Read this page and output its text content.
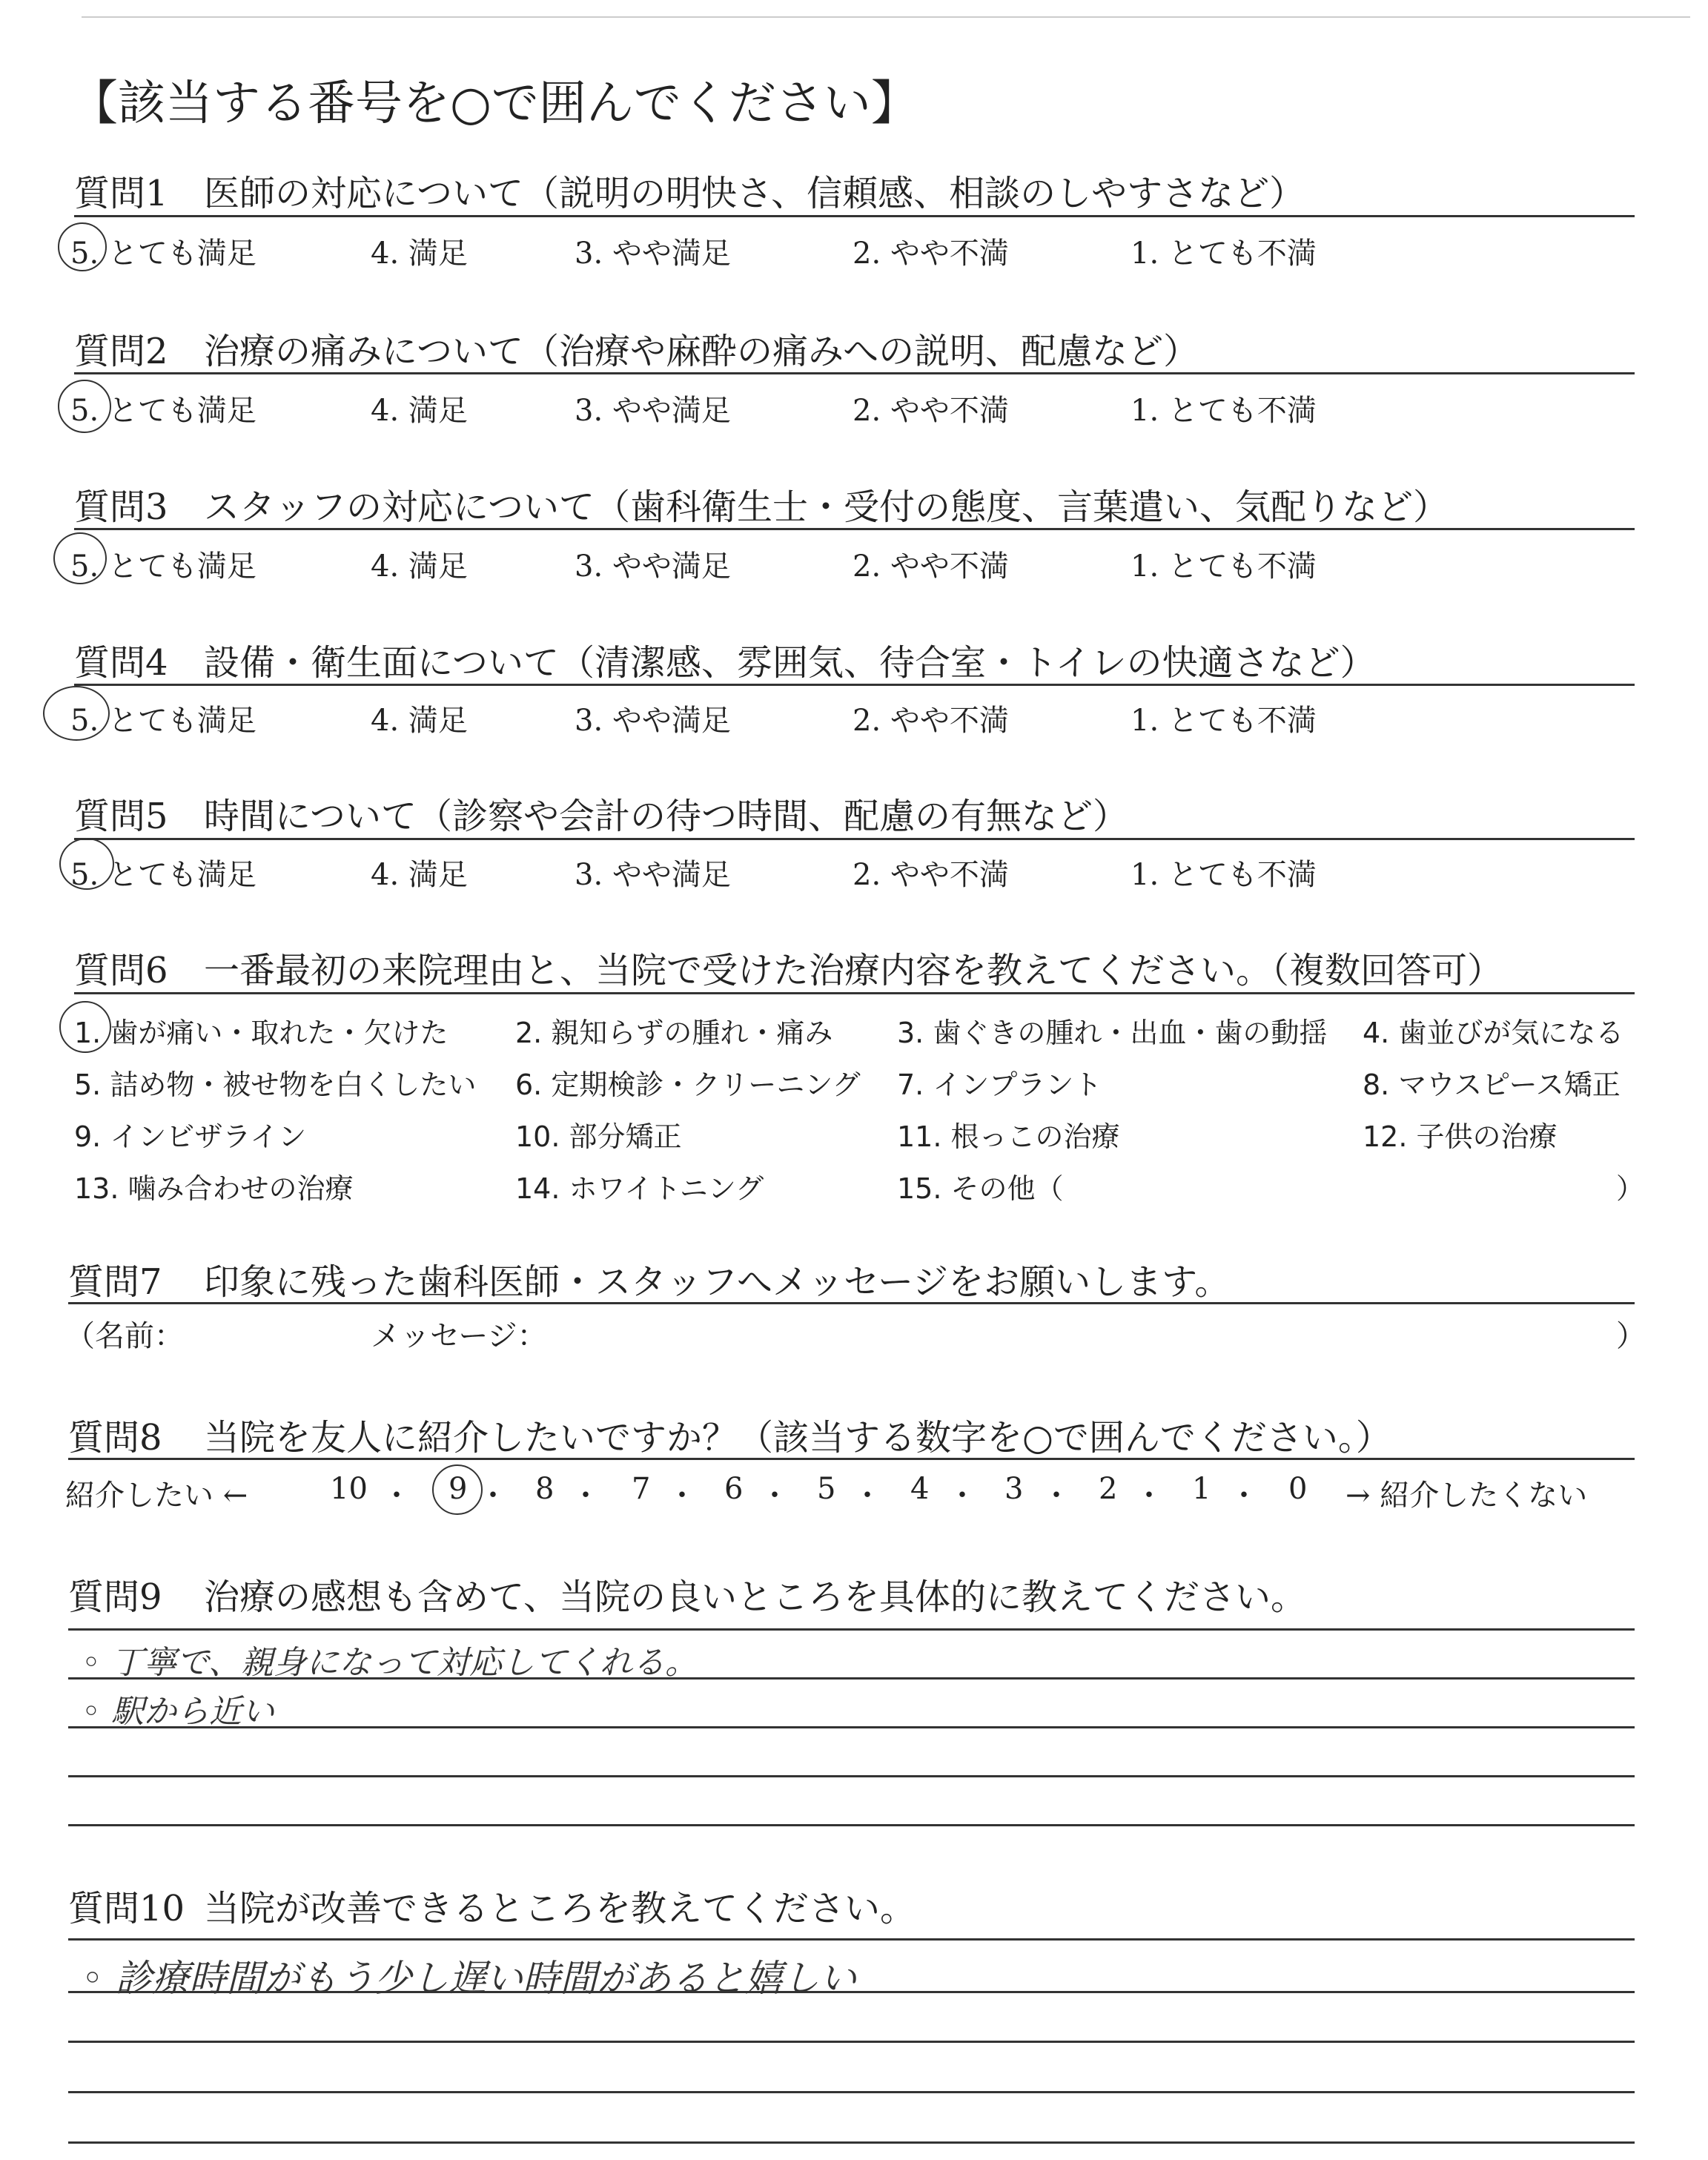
【該当する番号を○で囲んでください】
質問1 医師の対応について（説明の明快さ、信頼感、相談のしやすさなど）
5. とても満足	4. 満足	3. やや満足	2. やや不満	1. とても不満
質問2 治療の痛みについて（治療や麻酔の痛みへの説明、配慮など）
5. とても満足	4. 満足	3. やや満足	2. やや不満	1. とても不満
質問3 スタッフの対応について（歯科衛生士・受付の態度、言葉遣い、気配りなど）
5. とても満足	4. 満足	3. やや満足	2. やや不満	1. とても不満
質問4 設備・衛生面について（清潔感、雰囲気、待合室・トイレの快適さなど）
5. とても満足	4. 満足	3. やや満足	2. やや不満	1. とても不満
質問5 時間について（診察や会計の待つ時間、配慮の有無など）
5. とても満足	4. 満足	3. やや満足	2. やや不満	1. とても不満
質問6 一番最初の来院理由と、当院で受けた治療内容を教えてください。（複数回答可）
1. 歯が痛い・取れた・欠けた 2. 親知らずの腫れ・痛み 3. 歯ぐきの腫れ・出血・歯の動揺 4. 歯並びが気になる
5. 詰め物・被せ物を白くしたい 6. 定期検診・クリーニング 7. インプラント	8. マウスピース矯正
9. インビザライン	10. 部分矯正	11. 根っこの治療	12. 子供の治療
13. 噛み合わせの治療	14. ホワイトニング	15. その他（	）
質問7 印象に残った歯科医師・スタッフへメッセージをお願いします。
（名前：	メッセージ：	）
質問8 当院を友人に紹介したいですか？（該当する数字を○で囲んでください。）
紹介したい ←	10 ・ 9 ・ 8 ・ 7 ・ 6 ・ 5 ・ 4 ・ 3 ・ 2 ・ 1 ・ 0 → 紹介したくない
質問9 治療の感想も含めて、当院の良いところを具体的に教えてください。
◦ 丁寧で、親身になって対応してくれる。
◦ 駅から近い
質問10 当院が改善できるところを教えてください。
◦ 診療時間がもう少し遅い時間があると嬉しい
